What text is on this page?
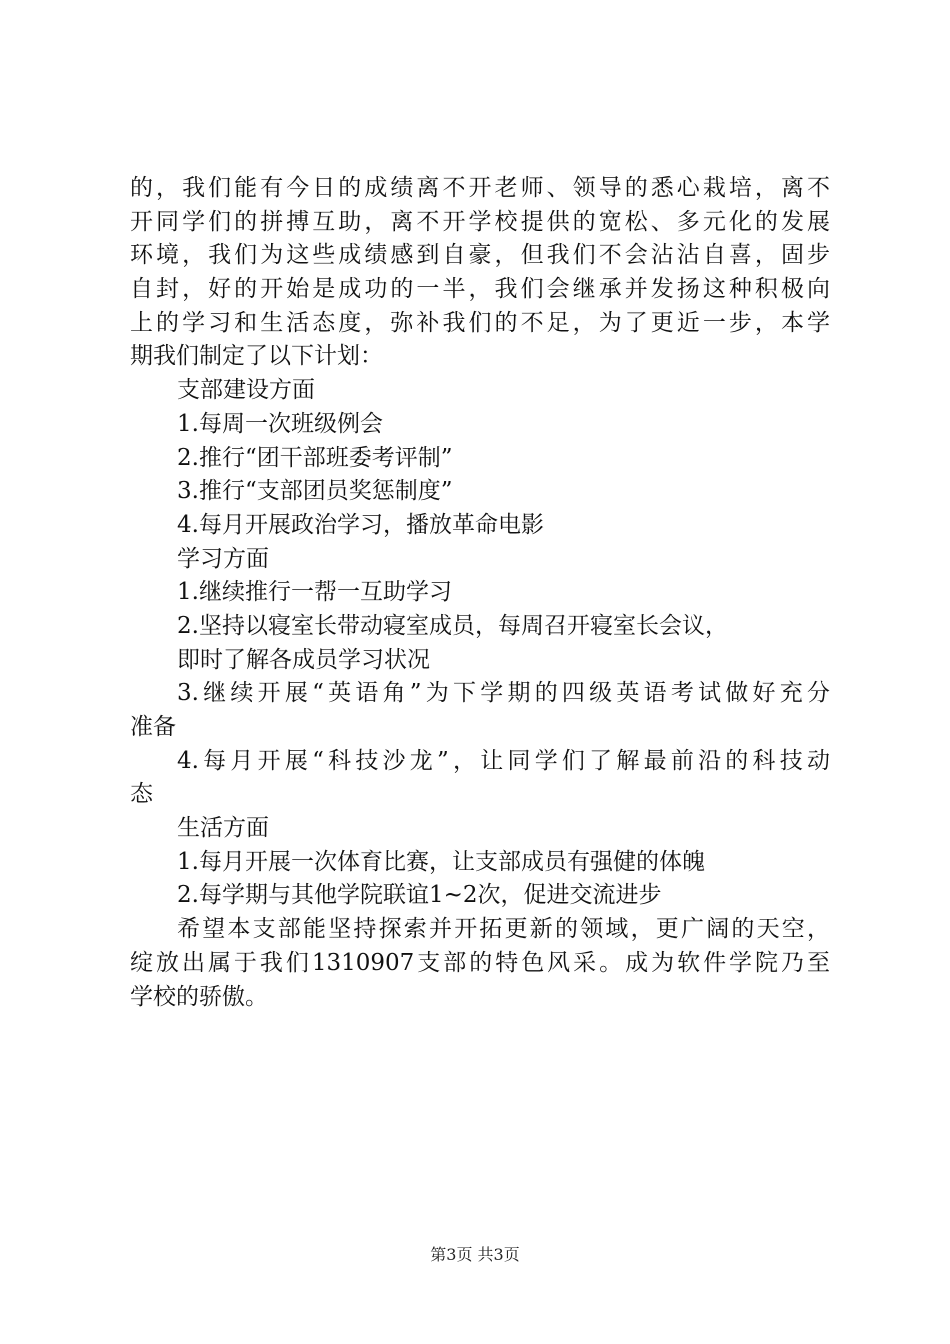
的，我们能有今日的成绩离不开老师、领导的悉心栽培，离不
开同学们的拼搏互助，离不开学校提供的宽松、多元化的发展
环境，我们为这些成绩感到自豪，但我们不会沾沾自喜，固步
自封，好的开始是成功的一半，我们会继承并发扬这种积极向
上的学习和生活态度，弥补我们的不足，为了更近一步，本学
期我们制定了以下计划：
支部建设方面
1.每周一次班级例会
2.推行“团干部班委考评制”
3.推行“支部团员奖惩制度”
4.每月开展政治学习，播放革命电影
学习方面
1.继续推行一帮一互助学习
2.坚持以寝室长带动寝室成员，每周召开寝室长会议，
即时了解各成员学习状况
3.继续开展“英语角”为下学期的四级英语考试做好充分
准备
4.每月开展“科技沙龙”，让同学们了解最前沿的科技动
态
生活方面
1.每月开展一次体育比赛，让支部成员有强健的体魄
2.每学期与其他学院联谊1~2次，促进交流进步
希望本支部能坚持探索并开拓更新的领域，更广阔的天空，
绽放出属于我们1310907支部的特色风采。成为软件学院乃至
学校的骄傲。
第3页 共3页
